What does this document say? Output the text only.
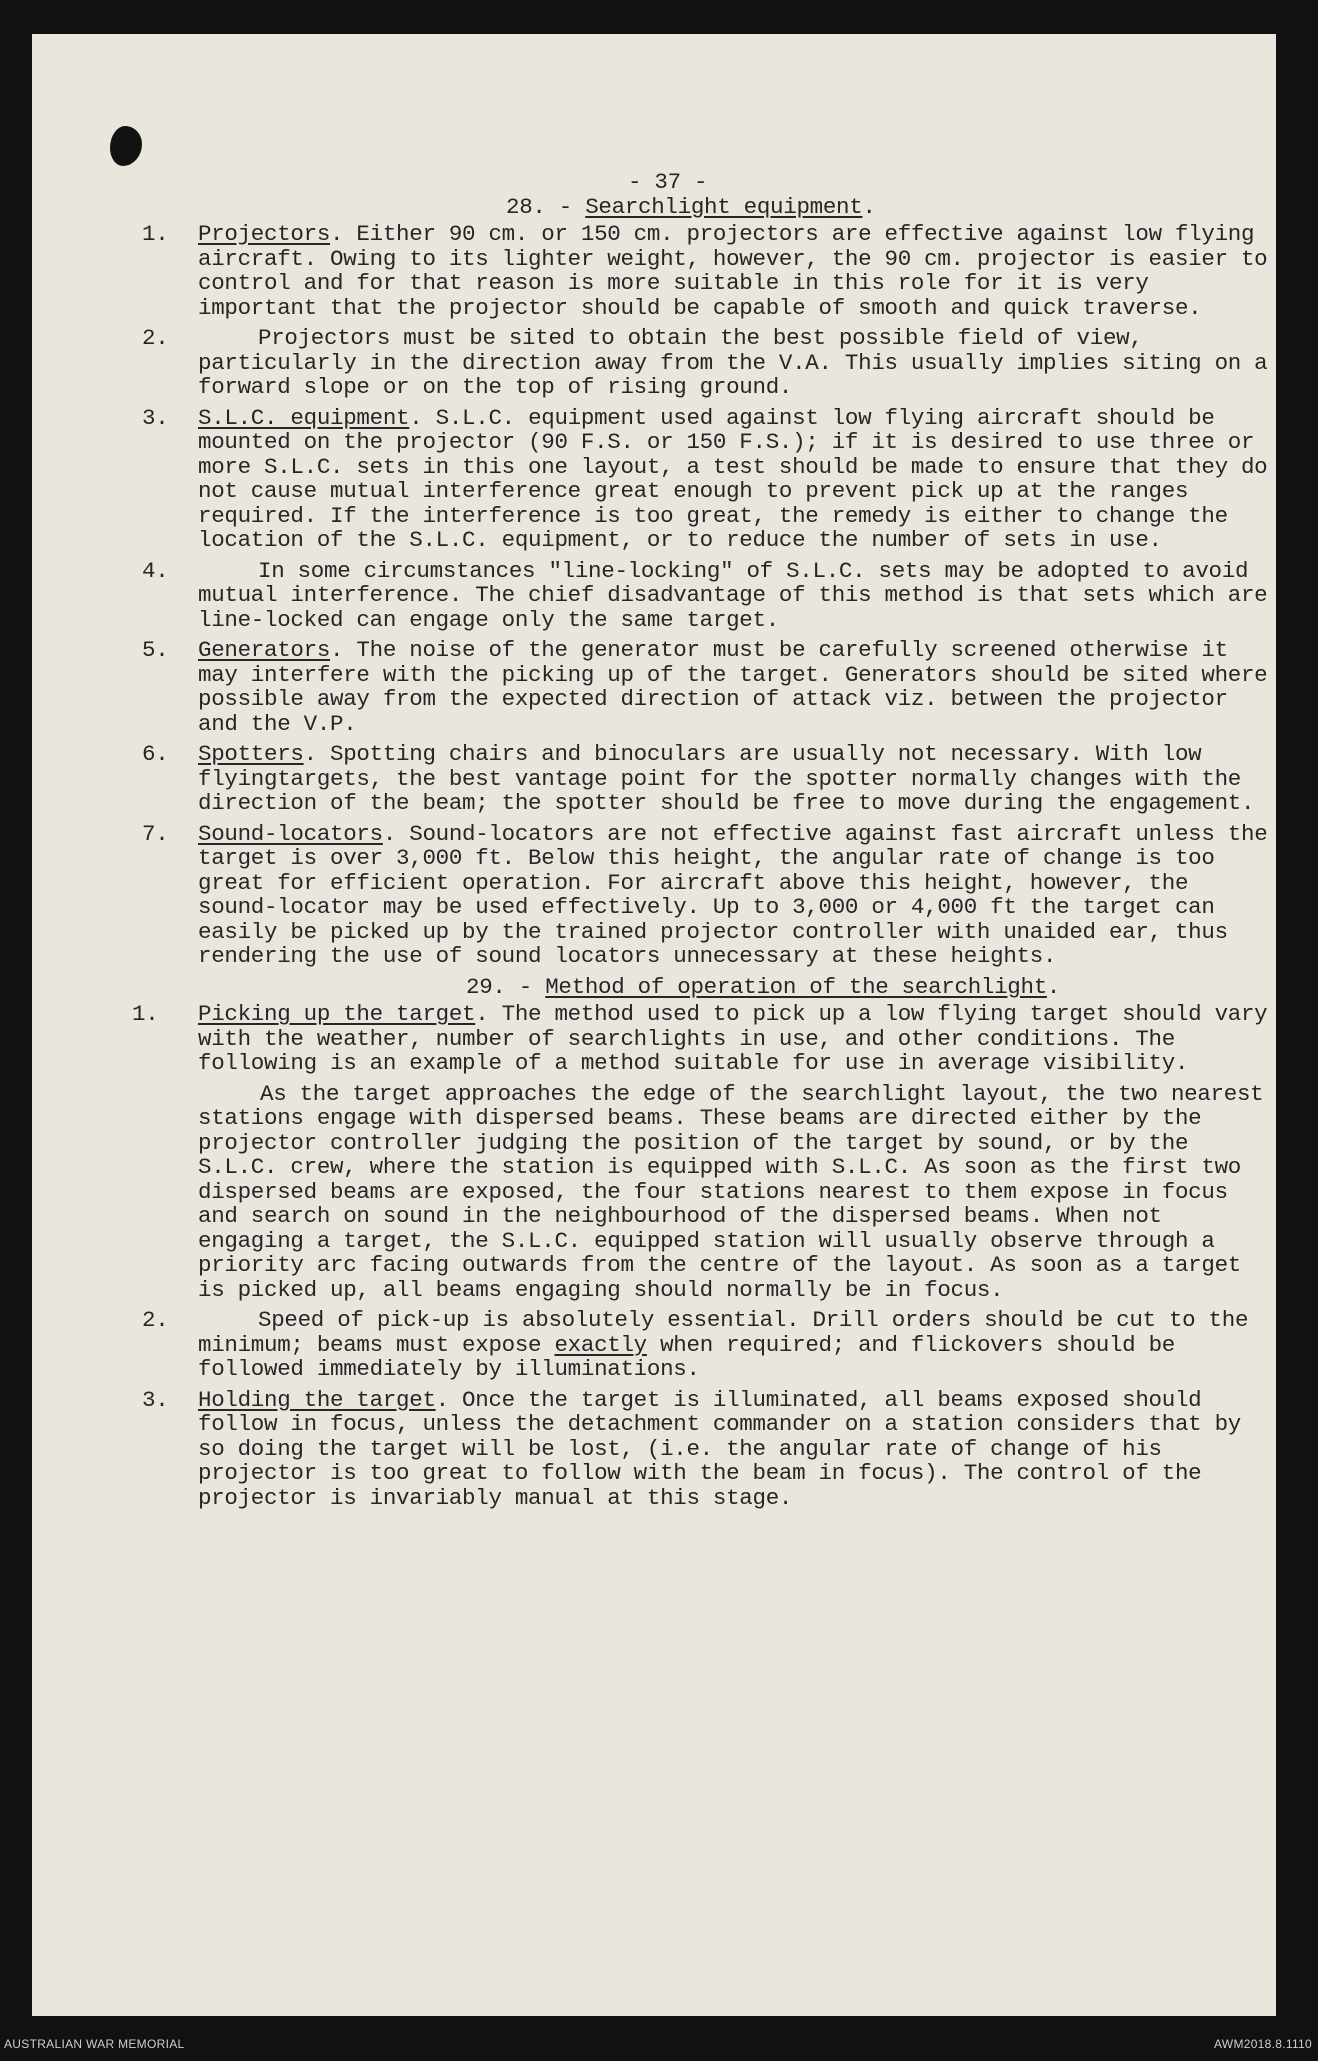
- 37 -
28. - Searchlight equipment.
1. Projectors. Either 90 cm. or 150 cm. projectors are effective against low flying aircraft. Owing to its lighter weight, however, the 90 cm. projector is easier to control and for that reason is more suitable in this role for it is very important that the projector should be capable of smooth and quick traverse.
2.	Projectors must be sited to obtain the best possible field of view, particularly in the direction away from the V.A. This usually implies siting on a forward slope or on the top of rising ground.
3. S.L.C. equipment. S.L.C. equipment used against low flying aircraft should be mounted on the projector (90 F.S. or 150 F.S.); if it is desired to use three or more S.L.C. sets in this one layout, a test should be made to ensure that they do not cause mutual interference great enough to prevent pick up at the ranges required. If the interference is too great, the remedy is either to change the location of the S.L.C. equipment, or to reduce the number of sets in use.
4.	In some circumstances "line-locking" of S.L.C. sets may be adopted to avoid mutual interference. The chief disadvantage of this method is that sets which are line-locked can engage only the same target.
5. Generators. The noise of the generator must be carefully screened otherwise it may interfere with the picking up of the target. Generators should be sited where possible away from the expected direction of attack viz. between the projector and the V.P.
6. Spotters. Spotting chairs and binoculars are usually not necessary. With low flyingtargets, the best vantage point for the spotter normally changes with the direction of the beam; the spotter should be free to move during the engagement.
7. Sound-locators. Sound-locators are not effective against fast aircraft unless the target is over 3,000 ft. Below this height, the angular rate of change is too great for efficient operation. For aircraft above this height, however, the sound-locator may be used effectively. Up to 3,000 or 4,000 ft the target can easily be picked up by the trained projector controller with unaided ear, thus rendering the use of sound locators unnecessary at these heights.
29. - Method of operation of the searchlight.
1. Picking up the target. The method used to pick up a low flying target should vary with the weather, number of searchlights in use, and other conditions. The following is an example of a method suitable for use in average visibility.
As the target approaches the edge of the searchlight layout, the two nearest stations engage with dispersed beams. These beams are directed either by the projector controller judging the position of the target by sound, or by the S.L.C. crew, where the station is equipped with S.L.C. As soon as the first two dispersed beams are exposed, the four stations nearest to them expose in focus and search on sound in the neighbourhood of the dispersed beams. When not engaging a target, the S.L.C. equipped station will usually observe through a priority arc facing outwards from the centre of the layout. As soon as a target is picked up, all beams engaging should normally be in focus.
2.	Speed of pick-up is absolutely essential. Drill orders should be cut to the minimum; beams must expose exactly when required; and flickovers should be followed immediately by illuminations.
3. Holding the target. Once the target is illuminated, all beams exposed should follow in focus, unless the detachment commander on a station considers that by so doing the target will be lost, (i.e. the angular rate of change of his projector is too great to follow with the beam in focus). The control of the projector is invariably manual at this stage.
AUSTRALIAN WAR MEMORIAL	AWM2018.8.1110
